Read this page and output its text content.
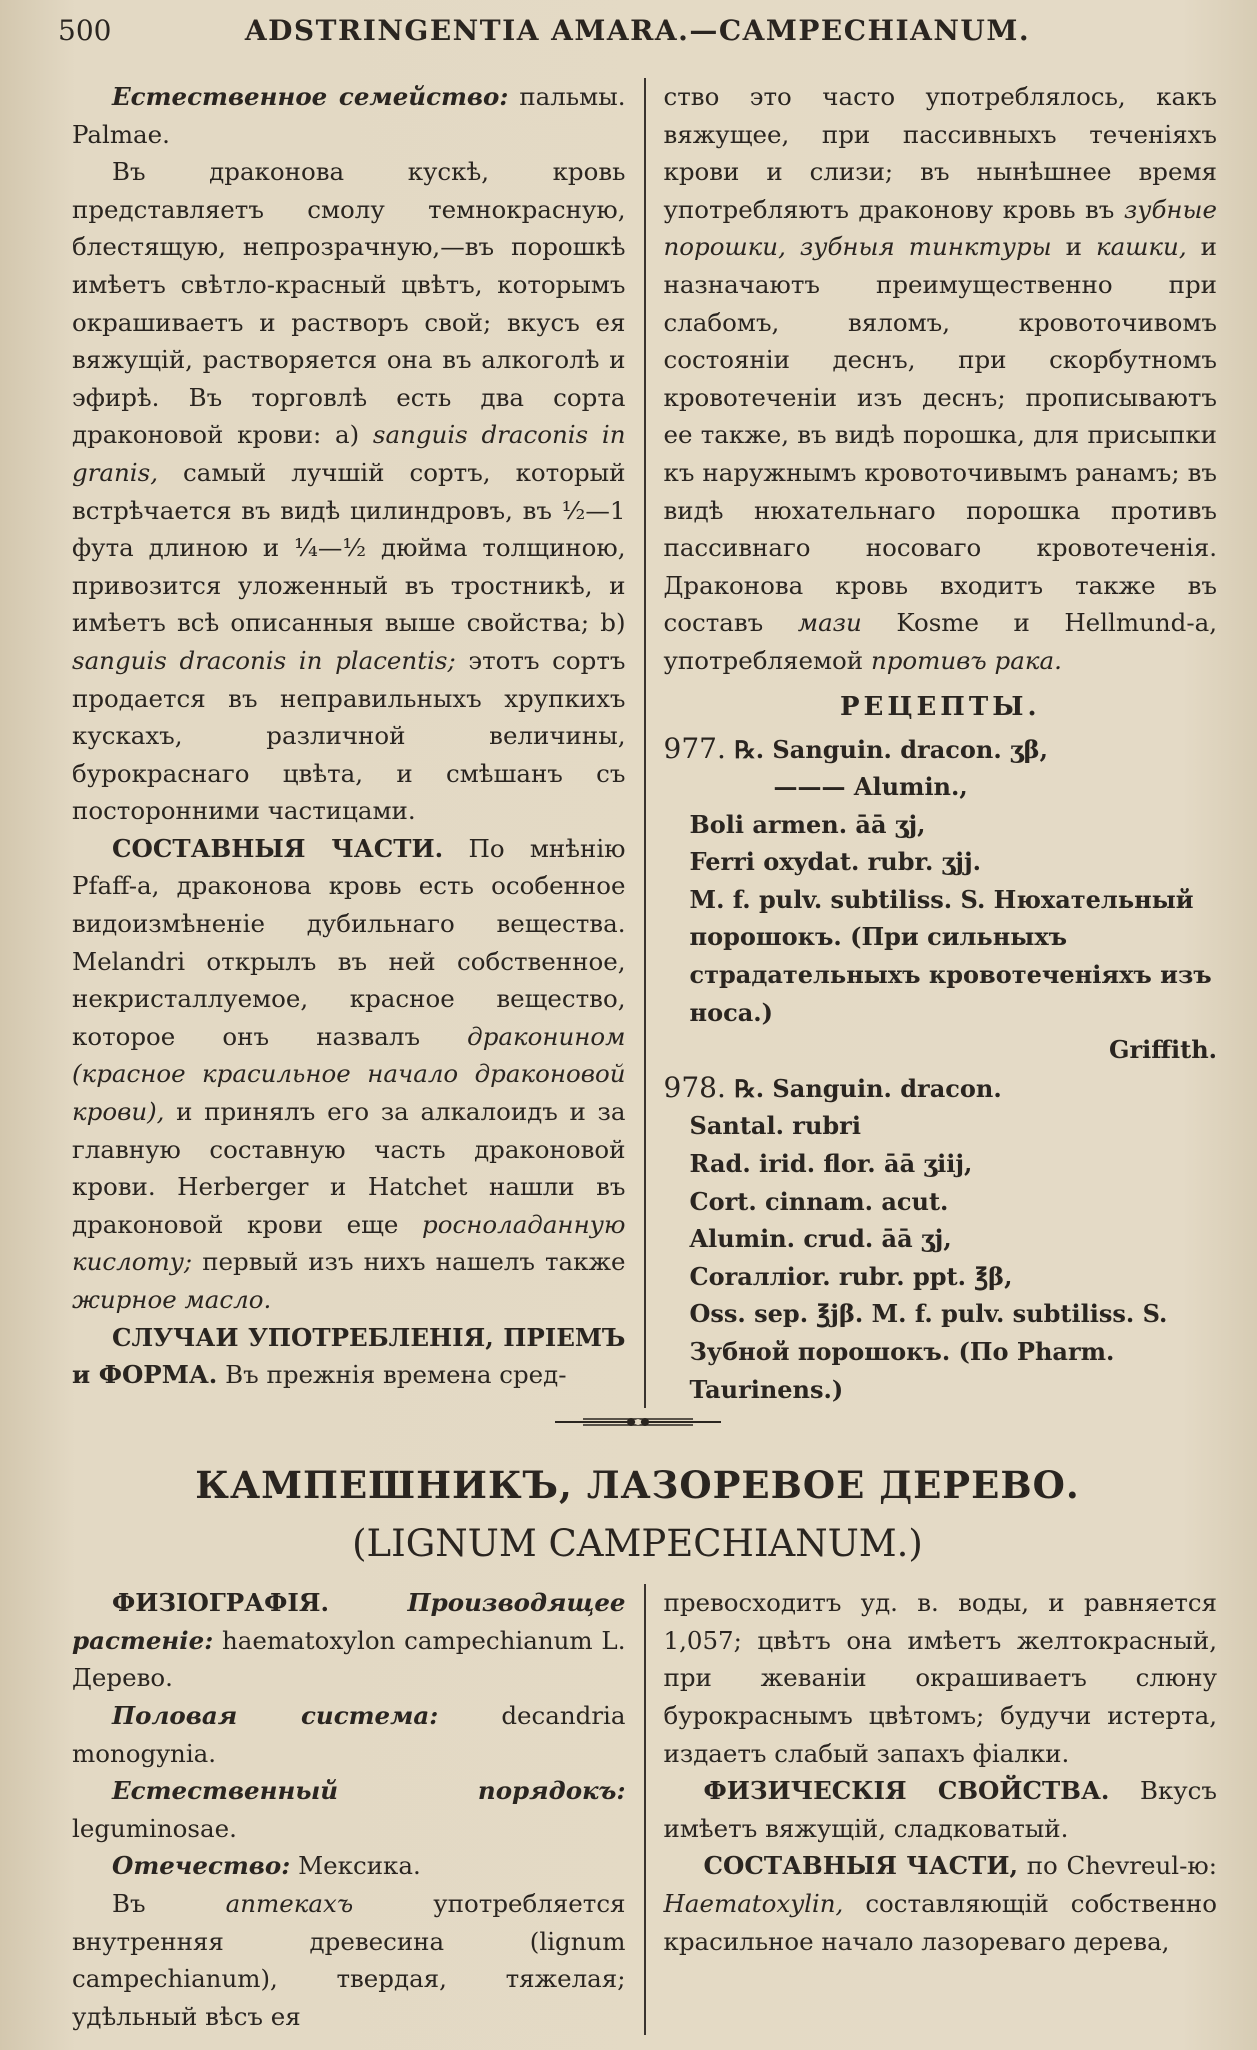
500	ADSTRINGENTIA AMARA.—CAMPECHIANUM.

Естественное семейство: пальмы. Palmae.

Въ драконова кускѣ, кровь представляетъ смолу темнокрасную, блестящую, непрозрачную,—въ порошкѣ имѣетъ свѣтло-красный цвѣтъ, которымъ окрашиваетъ и растворъ свой; вкусъ ея вяжущій, растворяется она въ алкоголѣ и эфирѣ. Въ торговлѣ есть два сорта драконовой крови: a) sanguis draconis in granis, самый лучшій сортъ, который встрѣчается въ видѣ цилиндровъ, въ ½—1 фута длиною и ¼—½ дюйма толщиною, привозится уложенный въ тростникѣ, и имѣетъ всѣ описанныя выше свойства; b) sanguis draconis in placentis; этотъ сортъ продается въ неправильныхъ хрупкихъ кускахъ, различной величины, бурокраснаго цвѣта, и смѣшанъ съ посторонними частицами.

СОСТАВНЫЯ ЧАСТИ. По мнѣнію Pfaff-а, драконова кровь есть особенное видоизмѣненіе дубильнаго вещества. Melandri открылъ въ ней собственное, некристаллуемое, красное вещество, которое онъ назвалъ драконином (красное красильное начало драконовой крови), и принялъ его за алкалоидъ и за главную составную часть драконовой крови. Herberger и Hatchet нашли въ драконовой крови еще росноладанную кислоту; первый изъ нихъ нашелъ также жирное масло.

СЛУЧАИ УПОТРЕБЛЕНІЯ, ПРІЕМЪ и ФОРМА. Въ прежнія времена сред-

ство это часто употреблялось, какъ вяжущее, при пассивныхъ теченіяхъ крови и слизи; въ нынѣшнее время употребляютъ драконову кровь въ зубные порошки, зубныя тинктуры и кашки, и назначаютъ преимущественно при слабомъ, вяломъ, кровоточивомъ состояніи деснъ, при скорбутномъ кровотеченіи изъ деснъ; прописываютъ ее также, въ видѣ порошка, для присыпки къ наружнымъ кровоточивымъ ранамъ; въ видѣ нюхательнаго порошка противъ пассивнаго носоваго кровотеченія. Драконова кровь входитъ также въ составъ мази Kosme и Hellmund-а, употребляемой противъ рака.

РЕЦЕПТЫ.

977. ℞. Sanguin. dracon. ʒβ,

——— Alumin.,

Boli armen. āā ʒj,

Ferri oxydat. rubr. ʒjj.

M. f. pulv. subtiliss. S. Нюхательный порошокъ. (При сильныхъ страдательныхъ кровотеченіяхъ изъ носа.)

Griffith.

978. ℞. Sanguin. dracon.

Santal. rubri

Rad. irid. flor. āā ʒiij,

Cort. cinnam. acut.

Alumin. crud. āā ʒj,

Coraллior. rubr. ppt. ℥β,

Oss. sep. ℥jβ. M. f. pulv. subtiliss. S. Зубной порошокъ. (По Pharm. Taurinens.)

КАМПЕШНИКЪ, ЛАЗОРЕВОЕ ДЕРЕВО.

(LIGNUM CAMPECHIANUM.)

ФИЗІОГРАФІЯ.	Производящее растеніе: haematoxylon campechianum L. Дерево.

Половая система:	decandria monogynia.

Естественный порядокъ: leguminosae.

Отечество: Мексика.

Въ	аптекахъ	употребляется внутренняя древесина (lignum campechianum), твердая, тяжелая; удѣльный вѣсъ ея

превосходитъ уд. в. воды, и равняется 1,057; цвѣтъ она имѣетъ желтокрасный, при жеванiи окрашиваетъ слюну бурокраснымъ цвѣтомъ; будучи истерта, издаетъ слабый запахъ фіалки.

ФИЗИЧЕСКІЯ СВОЙСТВА. Вкусъ имѣетъ вяжущій, сладковатый.

СОСТАВНЫЯ ЧАСТИ, по Chevreul-ю: Haematoxylin, составляющій собственно красильное начало лазореваго дерева,
